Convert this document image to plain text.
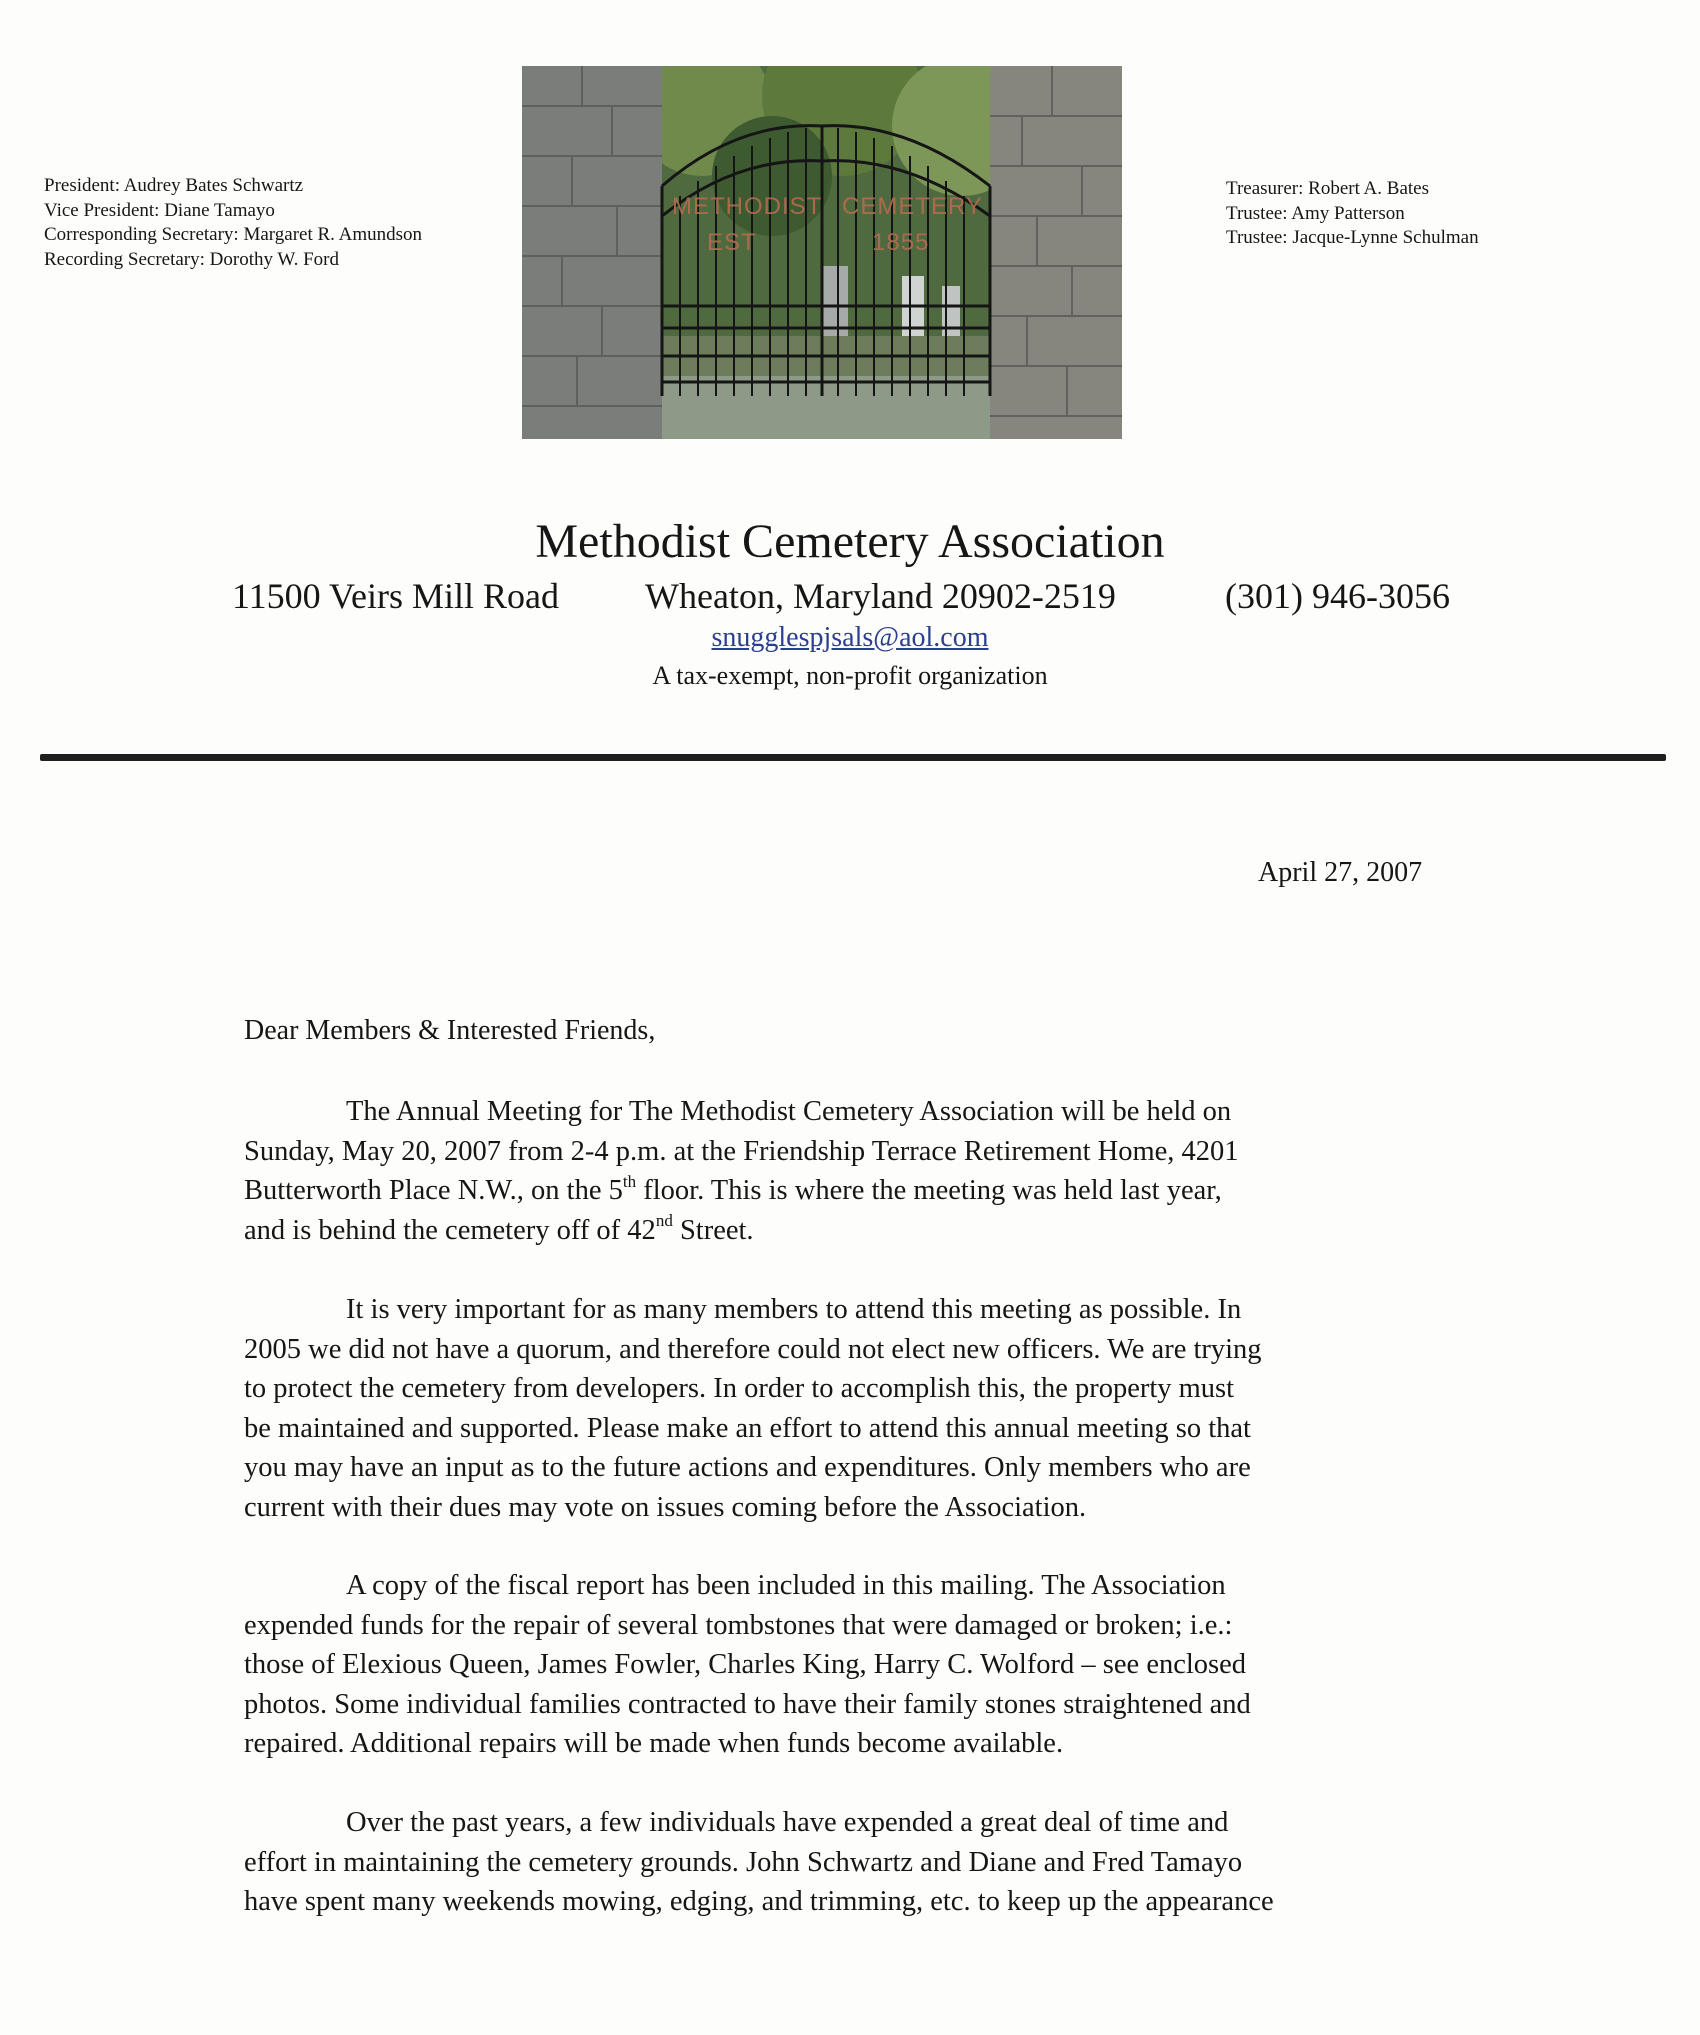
President: Audrey Bates Schwartz
Vice President: Diane Tamayo
Corresponding Secretary: Margaret R. Amundson
Recording Secretary: Dorothy W. Ford
METHODIST CEMETERY
EST	1855
Treasurer: Robert A. Bates
Trustee: Amy Patterson
Trustee: Jacque-Lynne Schulman
Methodist Cemetery Association
11500 Veirs Mill Road Wheaton, Maryland 20902-2519	(301) 946-3056
snugglespjsals@aol.com
A tax-exempt, non-profit organization
April 27, 2007
Dear Members & Interested Friends,
The Annual Meeting for The Methodist Cemetery Association will be held on
Sunday, May 20, 2007 from 2-4 p.m. at the Friendship Terrace Retirement Home, 4201
Butterworth Place N.W., on the 5th floor. This is where the meeting was held last year,
and is behind the cemetery off of 42nd Street.
It is very important for as many members to attend this meeting as possible. In
2005 we did not have a quorum, and therefore could not elect new officers. We are trying
to protect the cemetery from developers. In order to accomplish this, the property must
be maintained and supported. Please make an effort to attend this annual meeting so that
you may have an input as to the future actions and expenditures. Only members who are
current with their dues may vote on issues coming before the Association.
A copy of the fiscal report has been included in this mailing. The Association
expended funds for the repair of several tombstones that were damaged or broken; i.e.:
those of Elexious Queen, James Fowler, Charles King, Harry C. Wolford – see enclosed
photos. Some individual families contracted to have their family stones straightened and
repaired. Additional repairs will be made when funds become available.
Over the past years, a few individuals have expended a great deal of time and
effort in maintaining the cemetery grounds. John Schwartz and Diane and Fred Tamayo
have spent many weekends mowing, edging, and trimming, etc. to keep up the appearance
